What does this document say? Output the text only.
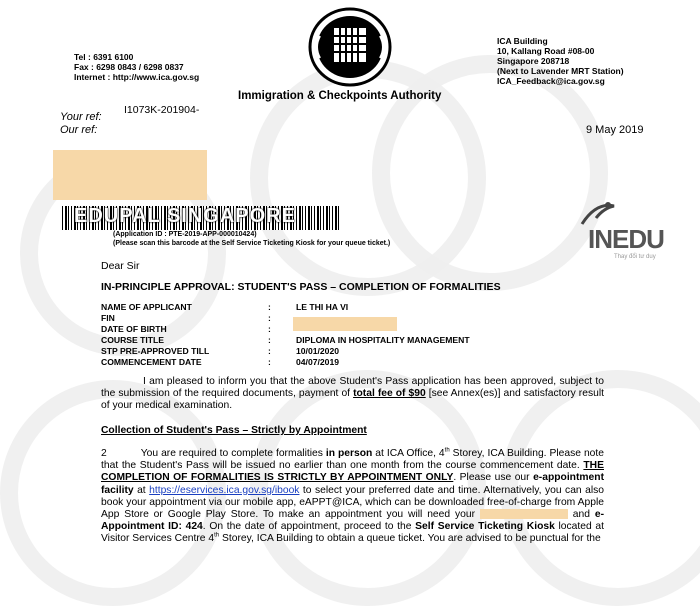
Tel : 6391 6100
Fax : 6298 0843 / 6298 0837
Internet : http://www.ica.gov.sg
ICA Building
10, Kallang Road #08-00
Singapore 208718
(Next to Lavender MRT Station)
ICA_Feedback@ica.gov.sg
Immigration & Checkpoints Authority
Your ref:
I1073K-201904-
Our ref:	9 May 2019
EDUPAL SINGAPORE
(Application ID : PTE-2019-APP-000010424)
(Please scan this barcode at the Self Service Ticketing Kiosk for your queue ticket.)	INEDU
Thay đổi tư duy
Dear Sir
IN-PRINCIPLE APPROVAL: STUDENT'S PASS – COMPLETION OF FORMALITIES
NAME OF APPLICANT	:	LE THI HA VI
FIN	:
DATE OF BIRTH	:
COURSE TITLE	:	DIPLOMA IN HOSPITALITY MANAGEMENT
STP PRE-APPROVED TILL	:	10/01/2020
COMMENCEMENT DATE	:	04/07/2019
I am pleased to inform you that the above Student's Pass application has been approved, subject to the submission of the required documents, payment of total fee of $90 [see Annex(es)] and satisfactory result of your medical examination.
Collection of Student's Pass – Strictly by Appointment
2	You are required to complete formalities in person at ICA Office, 4th Storey, ICA Building. Please note that the Student's Pass will be issued no earlier than one month from the course commencement date. THE COMPLETION OF FORMALITIES IS STRICTLY BY APPOINTMENT ONLY. Please use our e-appointment facility at https://eservices.ica.gov.sg/ibook to select your preferred date and time. Alternatively, you can also book your appointment via our mobile app, eAPPT@ICA, which can be downloaded free-of-charge from Apple App Store or Google Play Store. To make an appointment you will need your	and e-Appointment ID: 424. On the date of appointment, proceed to the Self Service Ticketing Kiosk located at Visitor Services Centre 4th Storey, ICA Building to obtain a queue ticket. You are advised to be punctual for the
